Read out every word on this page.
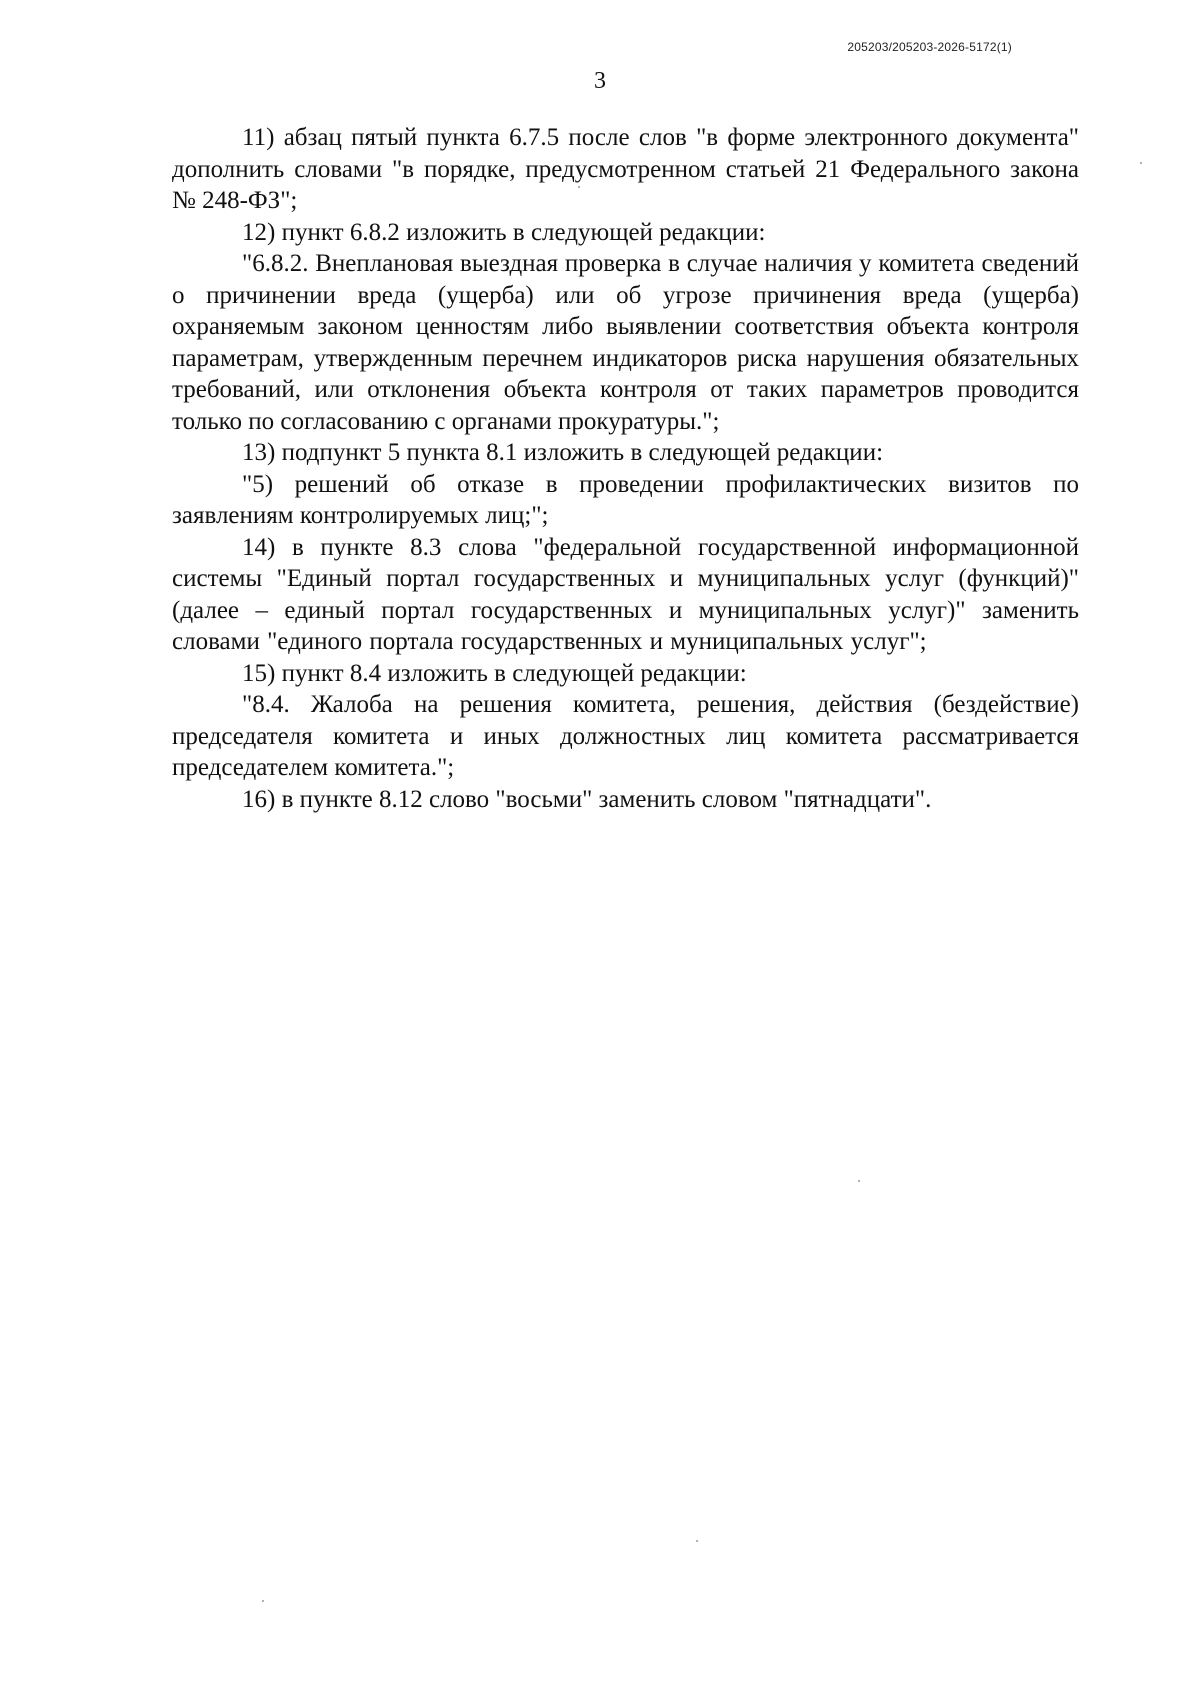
205203/205203-2026-5172(1)
3

11) абзац пятый пункта 6.7.5 после слов "в форме электронного документа" дополнить словами "в порядке, предусмотренном статьей 21 Федерального закона № 248-ФЗ";

12) пункт 6.8.2 изложить в следующей редакции:

"6.8.2. Внеплановая выездная проверка в случае наличия у комитета сведений о причинении вреда (ущерба) или об угрозе причинения вреда (ущерба) охраняемым законом ценностям либо выявлении соответствия объекта контроля параметрам, утвержденным перечнем индикаторов риска нарушения обязательных требований, или отклонения объекта контроля от таких параметров проводится только по согласованию с органами прокуратуры.";

13) подпункт 5 пункта 8.1 изложить в следующей редакции:

"5) решений об отказе в проведении профилактических визитов по заявлениям контролируемых лиц;";

14) в пункте 8.3 слова "федеральной государственной информационной системы "Единый портал государственных и муниципальных услуг (функций)" (далее – единый портал государственных и муниципальных услуг)" заменить словами "единого портала государственных и муниципальных услуг";

15) пункт 8.4 изложить в следующей редакции:

"8.4. Жалоба на решения комитета, решения, действия (бездействие) председателя комитета и иных должностных лиц комитета рассматривается председателем комитета.";

16) в пункте 8.12 слово "восьми" заменить словом "пятнадцати".
